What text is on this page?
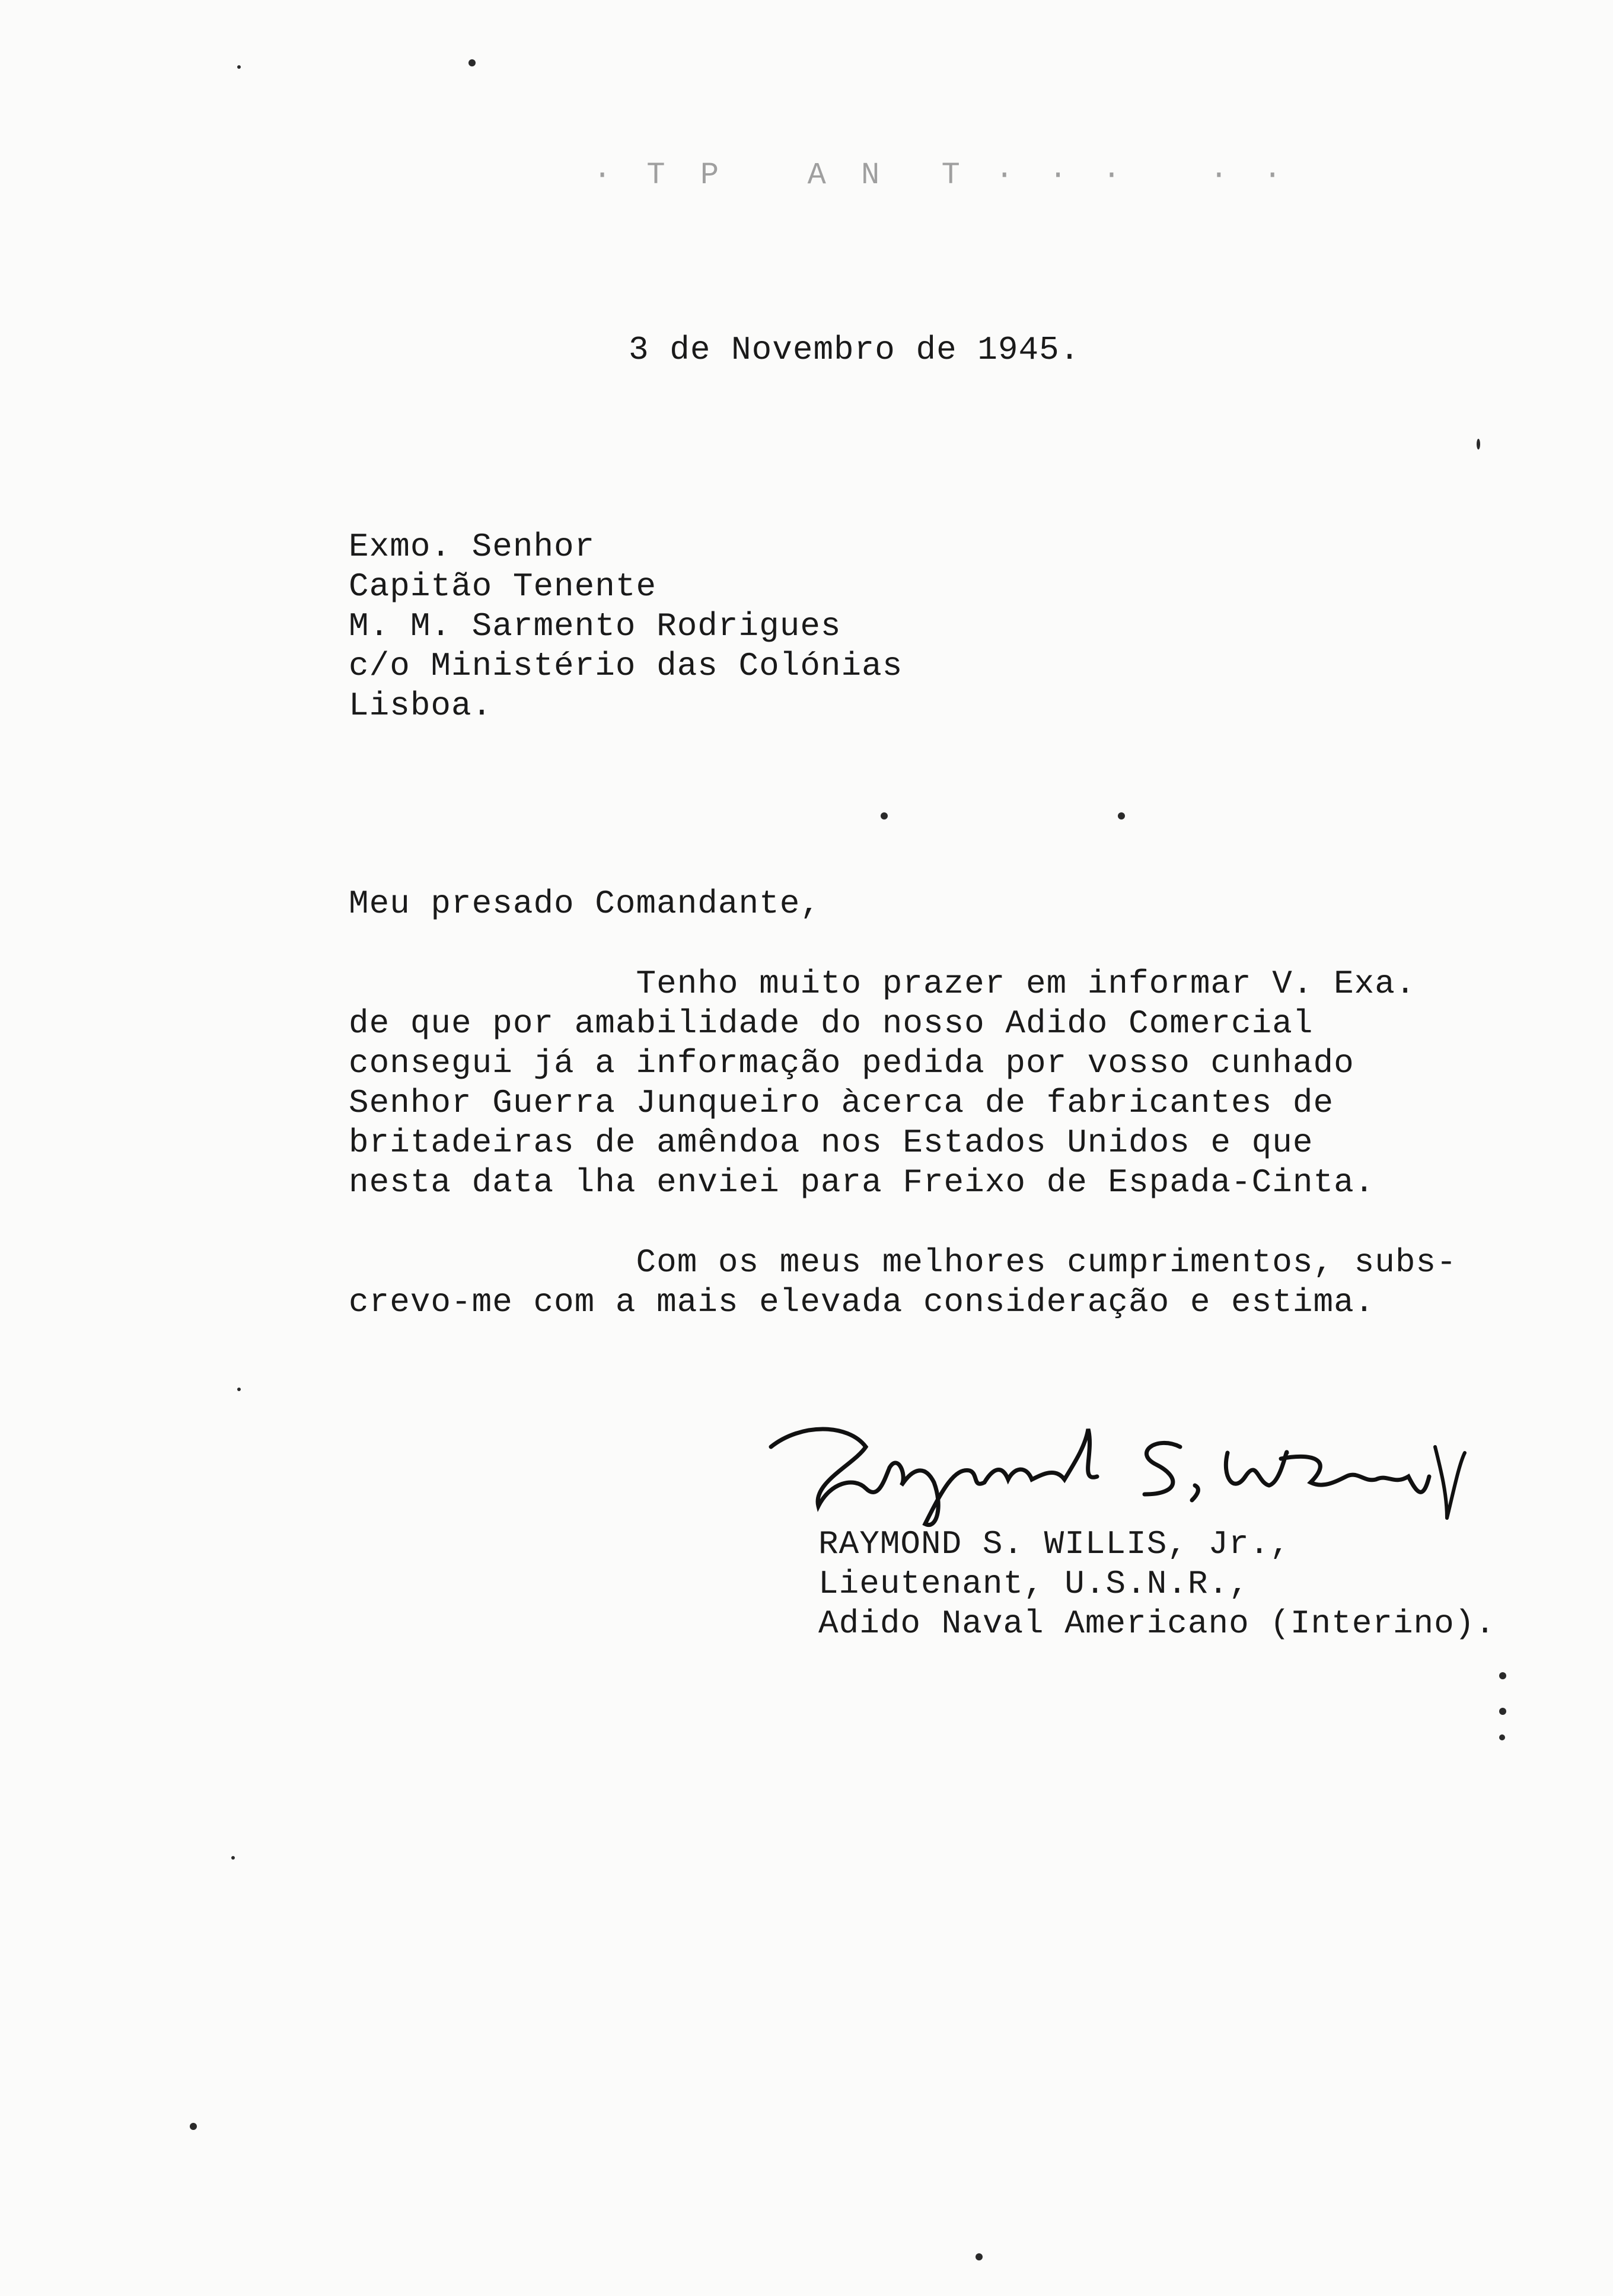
· T P   A N  T · · ·   · ·
3 de Novembro de 1945.
Exmo. Senhor
Capitão Tenente
M. M. Sarmento Rodrigues
c/o Ministério das Colónias
Lisboa.
Meu presado Comandante,
Tenho muito prazer em informar V. Exa.
de que por amabilidade do nosso Adido Comercial
consegui já a informação pedida por vosso cunhado
Senhor Guerra Junqueiro àcerca de fabricantes de
britadeiras de amêndoa nos Estados Unidos e que
nesta data lha enviei para Freixo de Espada-Cinta.
Com os meus melhores cumprimentos, subs-
crevo-me com a mais elevada consideração e estima.
RAYMOND S. WILLIS, Jr.,
Lieutenant, U.S.N.R.,
Adido Naval Americano (Interino).
